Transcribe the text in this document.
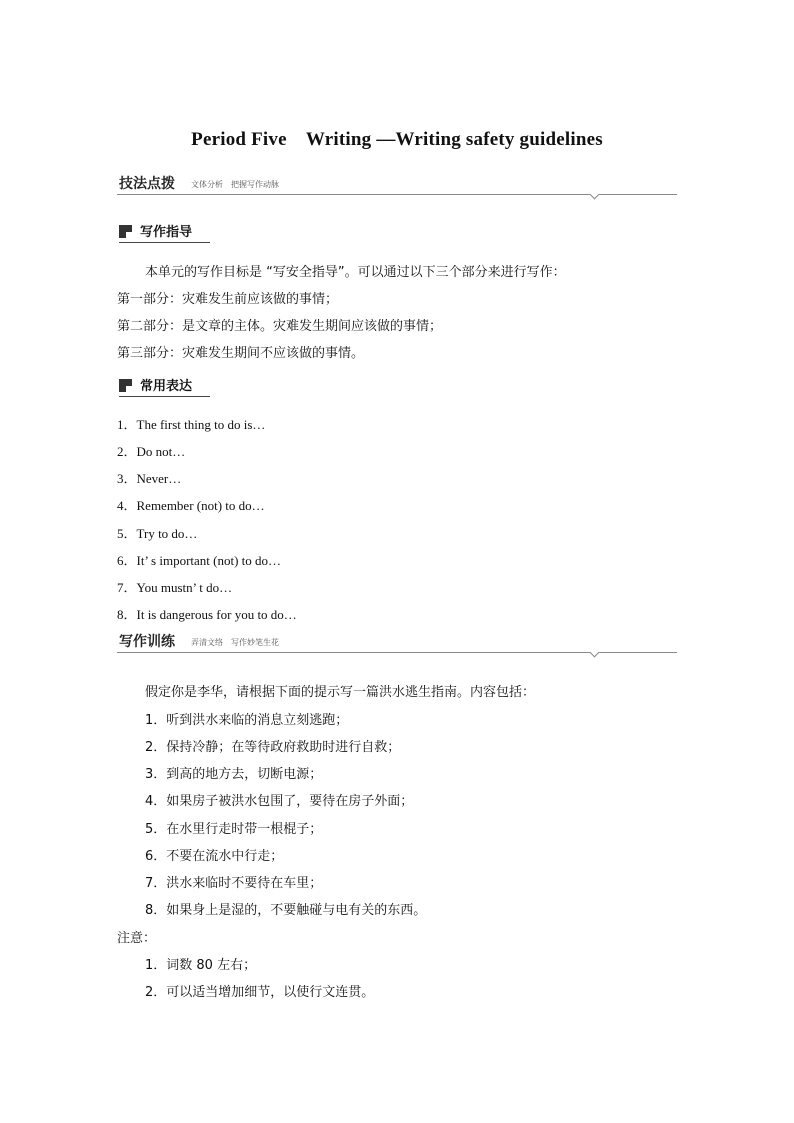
Period Five　Writing —Writing safety guidelines
技法点拨 文体分析　把握写作动脉
写作指导
本单元的写作目标是 “写安全指导”。可以通过以下三个部分来进行写作：
第一部分：灾难发生前应该做的事情；
第二部分：是文章的主体。灾难发生期间应该做的事情；
第三部分：灾难发生期间不应该做的事情。
常用表达
1．The first thing to do is…
2．Do not…
3．Never…
4．Remember (not) to do…
5．Try to do…
6．It’ s important (not) to do…
7．You mustn’ t do…
8．It is dangerous for you to do…
写作训练 弄清文络　写作妙笔生花
假定你是李华，请根据下面的提示写一篇洪水逃生指南。内容包括：
1．听到洪水来临的消息立刻逃跑；
2．保持冷静；在等待政府救助时进行自救；
3．到高的地方去，切断电源；
4．如果房子被洪水包围了，要待在房子外面；
5．在水里行走时带一根棍子；
6．不要在流水中行走；
7．洪水来临时不要待在车里；
8．如果身上是湿的，不要触碰与电有关的东西。
注意：
1．词数 80 左右；
2．可以适当增加细节，以使行文连贯。
